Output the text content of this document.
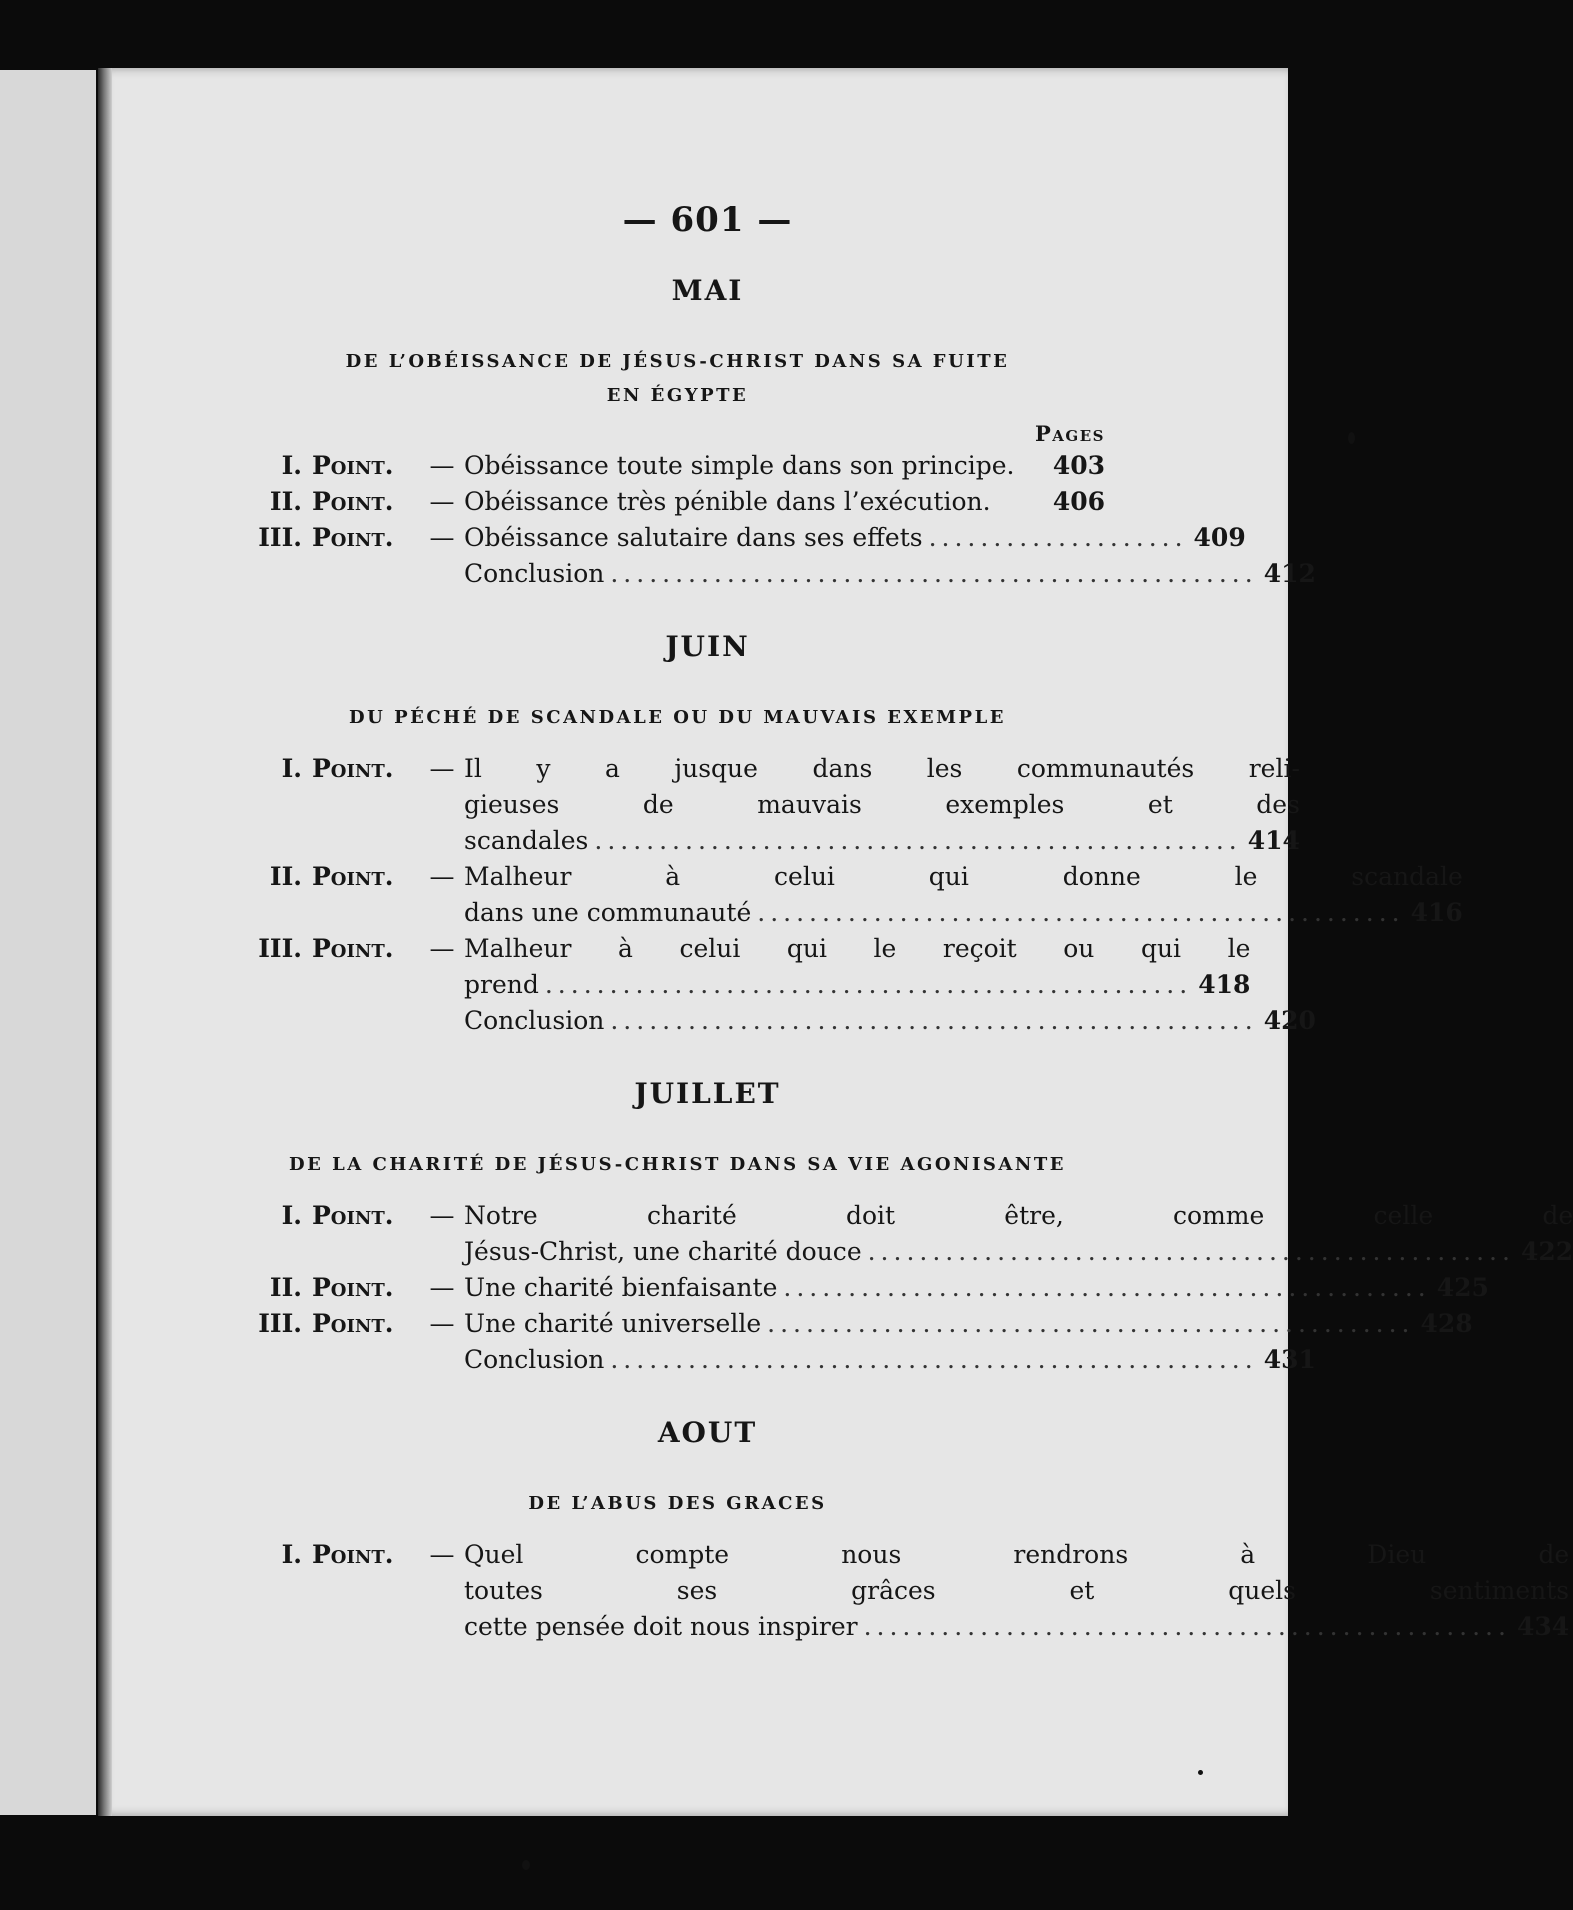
— 601 —
MAI
DE L’OBÉISSANCE DE JÉSUS-CHRIST DANS SA FUITE
EN ÉGYPTE
Pages
I. Point.	— Obéissance toute simple dans son principe. 403
II. Point.	— Obéissance très pénible dans l’exécution. 406
III. Point.	— Obéissance salutaire dans ses effets .................... 409
Conclusion .................................................. 412
JUIN
DU PÉCHÉ DE SCANDALE OU DU MAUVAIS EXEMPLE
I. Point.	— Il y a jusque dans les communautés reli-
gieuses de mauvais exemples et des
scandales .................................................. 414
II. Point.	— Malheur à celui qui donne le scandale
dans une communauté .................................................. 416
III. Point.	— Malheur à celui qui le reçoit ou qui le
prend .................................................. 418
Conclusion .................................................. 420
JUILLET
DE LA CHARITÉ DE JÉSUS-CHRIST DANS SA VIE AGONISANTE
I. Point.	— Notre charité doit être, comme celle de
Jésus-Christ, une charité douce .................................................. 422
II. Point.	— Une charité bienfaisante .................................................. 425
III. Point.	— Une charité universelle .................................................. 428
Conclusion .................................................. 431
AOUT
DE L’ABUS DES GRACES
I. Point.	— Quel compte nous rendrons à Dieu de
toutes ses grâces et quels sentiments
cette pensée doit nous inspirer .................................................. 434
